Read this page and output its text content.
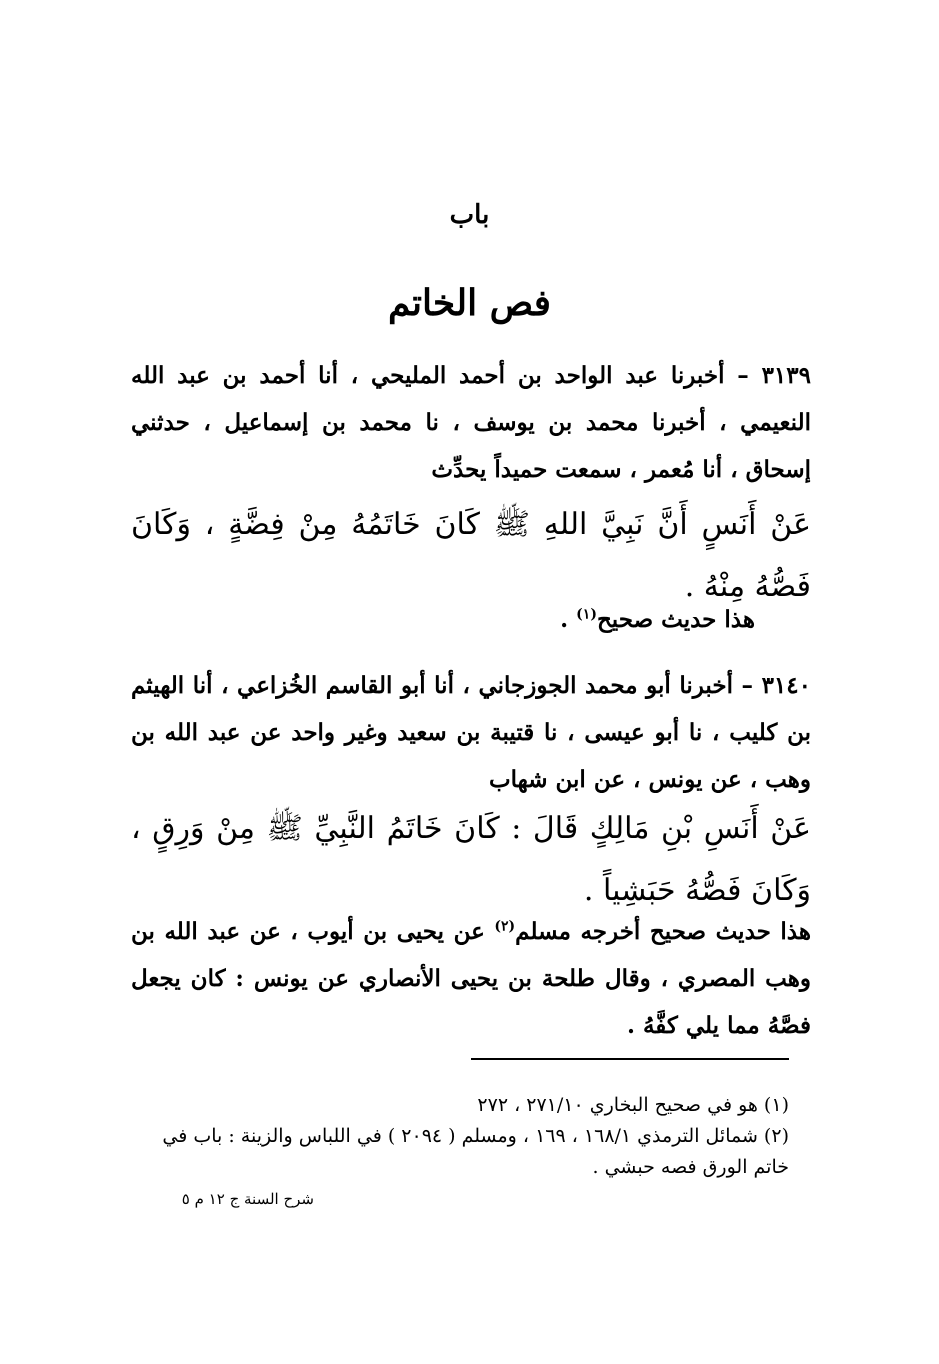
باب
فص الخاتم
٣١٣٩ – أخبرنا عبد الواحد بن أحمد المليحي ، أنا أحمد بن عبد الله النعيمي ، أخبرنا محمد بن يوسف ، نا محمد بن إسماعيل ، حدثني إسحاق ، أنا مُعمر ، سمعت حميداً يحدِّث
عَنْ أَنَسٍ أَنَّ نَبِيَّ اللهِ ﷺ كَانَ خَاتَمُهُ مِنْ فِضَّةٍ ، وَكَانَ فَصُّهُ مِنْهُ .
هذا حديث صحيح$^{(١)}$ .
٣١٤٠ – أخبرنا أبو محمد الجوزجاني ، أنا أبو القاسم الخُزاعي ، أنا الهيثم بن كليب ، نا أبو عيسى ، نا قتيبة بن سعيد وغير واحد عن عبد الله بن وهب ، عن يونس ، عن ابن شهاب
عَنْ أَنَسِ بْنِ مَالِكٍ قَالَ : كَانَ خَاتَمُ النَّبِيِّ ﷺ مِنْ وَرِقٍ ، وَكَانَ فَصُّهُ حَبَشِياً .
هذا حديث صحيح أخرجه مسلم$^{(٢)}$ عن يحيى بن أيوب ، عن عبد الله بن وهب المصري ، وقال طلحة بن يحيى الأنصاري عن يونس : كان يجعل فصَّهُ مما يلي كفَّهُ .

(١) هو في صحيح البخاري ٢٧١/١٠ ، ٢٧٢

(٢) شمائل الترمذي ١٦٨/١ ، ١٦٩ ، ومسلم ( ٢٠٩٤ ) في اللباس والزينة : باب في خاتم الورق فصه حبشي .

شرح السنة ج ١٢ م ٥
